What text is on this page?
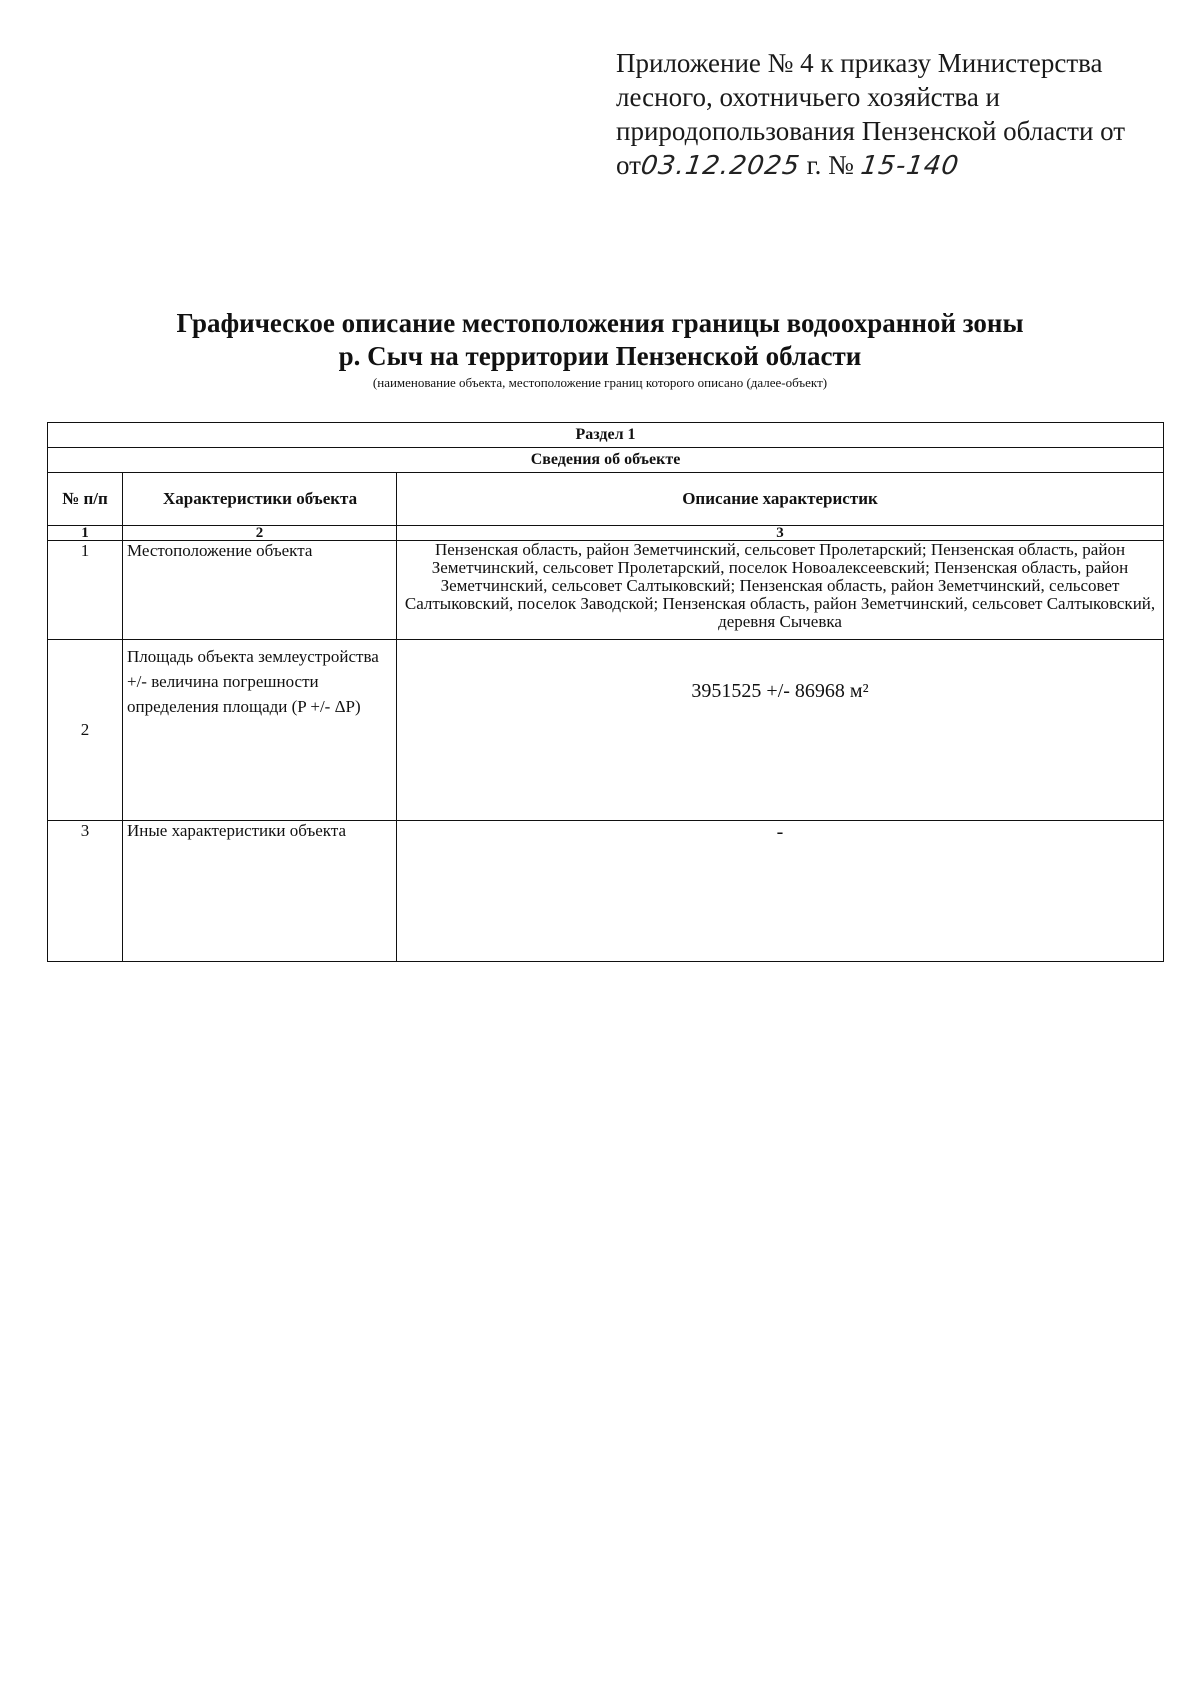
Приложение № 4 к приказу Министерства
лесного, охотничьего хозяйства и
природопользования Пензенской области от
от03.12.2025 г. № 15-140
Графическое описание местоположения границы водоохранной зоны
р. Сыч на территории Пензенской области
(наименование объекта, местоположение границ которого описано (далее-объект)
Раздел 1		
Сведения об объекте		
№ п/п	Характеристики объекта	Описание характеристик
1	2	3
1	Местоположение объекта	Пензенская область, район Земетчинский, сельсовет Пролетарский; Пензенская область, район Земетчинский, сельсовет Пролетарский, поселок Новоалексеевский; Пензенская область, район Земетчинский, сельсовет Салтыковский; Пензенская область, район Земетчинский, сельсовет Салтыковский, поселок Заводской; Пензенская область, район Земетчинский, сельсовет Салтыковский, деревня Сычевка
2	Площадь объекта землеустройства +/- величина погрешности определения площади (P +/- ΔP)	3951525 +/- 86968 м²
3	Иные характеристики объекта	-
